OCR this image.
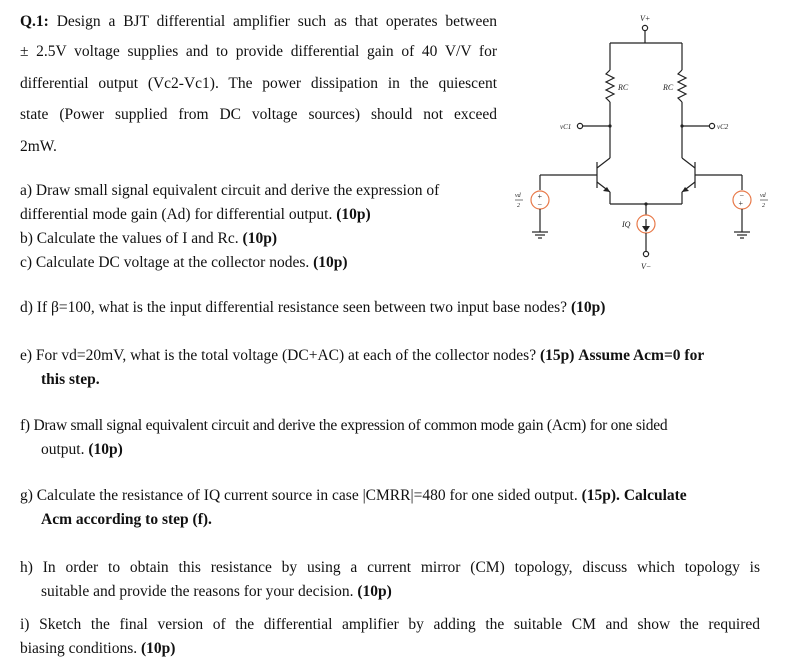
Q.1: Design a BJT differential amplifier such as that operates between
± 2.5V voltage supplies and to provide differential gain of 40 V/V for
differential output (Vc2-Vc1). The power dissipation in the quiescent
state (Power supplied from DC voltage sources) should not exceed
2mW.
a) Draw small signal equivalent circuit and derive the expression of
differential mode gain (Ad) for differential output. (10p)
b) Calculate the values of I and Rc. (10p)
c) Calculate DC voltage at the collector nodes. (10p)
d) If β=100, what is the input differential resistance seen between two input base nodes? (10p)
e) For vd=20mV, what is the total voltage (DC+AC) at each of the collector nodes? (15p) Assume Acm=0 for
this step.
f) Draw small signal equivalent circuit and derive the expression of common mode gain (Acm) for one sided
output. (10p)
g) Calculate the resistance of IQ current source in case |CMRR|=480 for one sided output. (15p). Calculate
Acm according to step (f).
h) In order to obtain this resistance by using a current mirror (CM) topology, discuss which topology is
suitable and provide the reasons for your decision. (10p)
i) Sketch the final version of the differential amplifier by adding the suitable CM and show the required
biasing conditions. (10p)
V+
V−
RC	RC
vC1	vC2
IQ
+
−	+
−
vd
2
vd
2
